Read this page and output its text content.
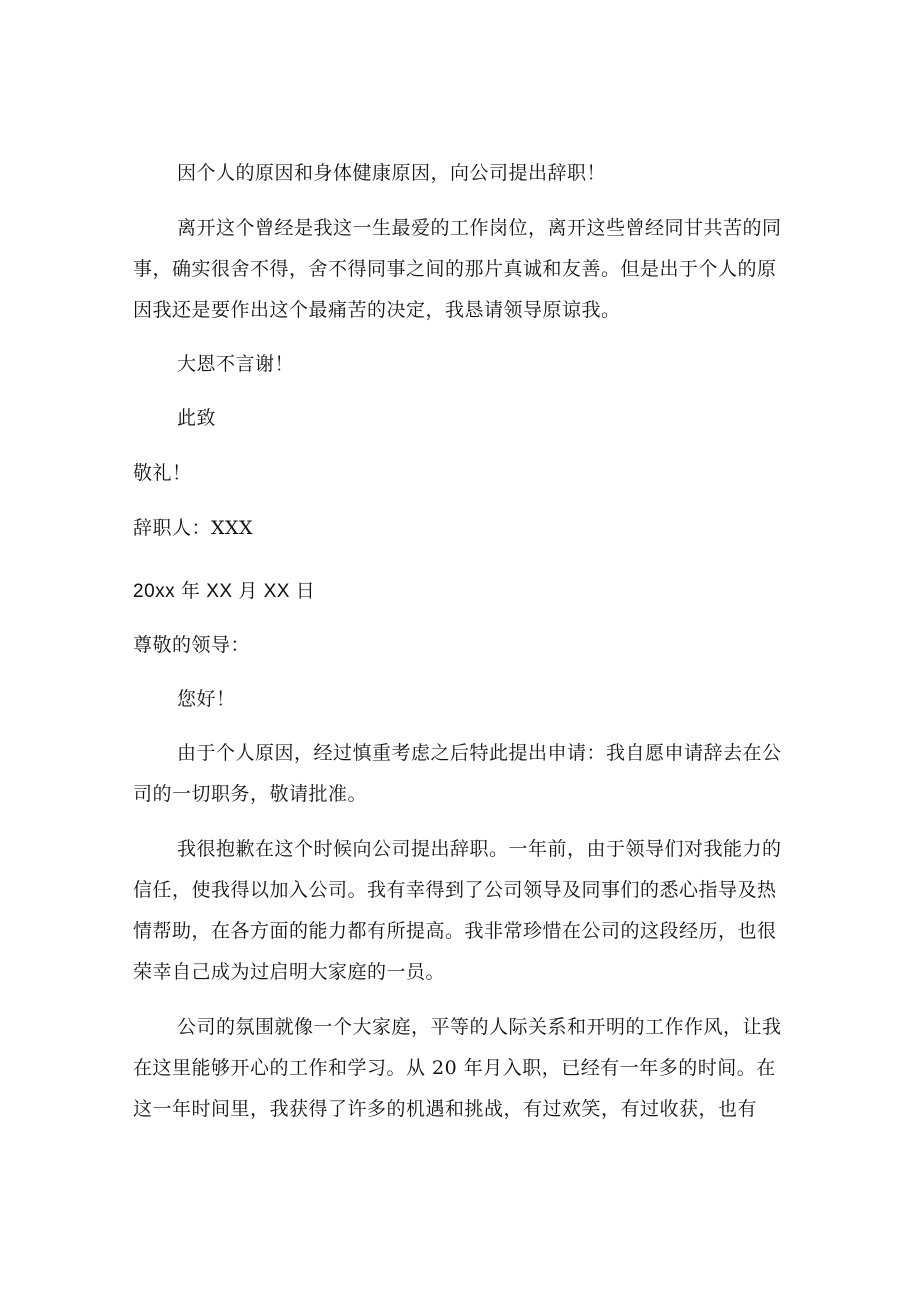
因个人的原因和身体健康原因，向公司提出辞职！
离开这个曾经是我这一生最爱的工作岗位，离开这些曾经同甘共苦的同
事，确实很舍不得，舍不得同事之间的那片真诚和友善。但是出于个人的原
因我还是要作出这个最痛苦的决定，我恳请领导原谅我。
大恩不言谢！
此致
敬礼！
辞职人：XXX
20xx 年 XX 月 XX 日
尊敬的领导：
您好！
由于个人原因，经过慎重考虑之后特此提出申请：我自愿申请辞去在公
司的一切职务，敬请批准。
我很抱歉在这个时候向公司提出辞职。一年前，由于领导们对我能力的
信任，使我得以加入公司。我有幸得到了公司领导及同事们的悉心指导及热
情帮助，在各方面的能力都有所提高。我非常珍惜在公司的这段经历，也很
荣幸自己成为过启明大家庭的一员。
公司的氛围就像一个大家庭，平等的人际关系和开明的工作作风，让我
在这里能够开心的工作和学习。从 20 年月入职，已经有一年多的时间。在
这一年时间里，我获得了许多的机遇和挑战，有过欢笑，有过收获，也有
